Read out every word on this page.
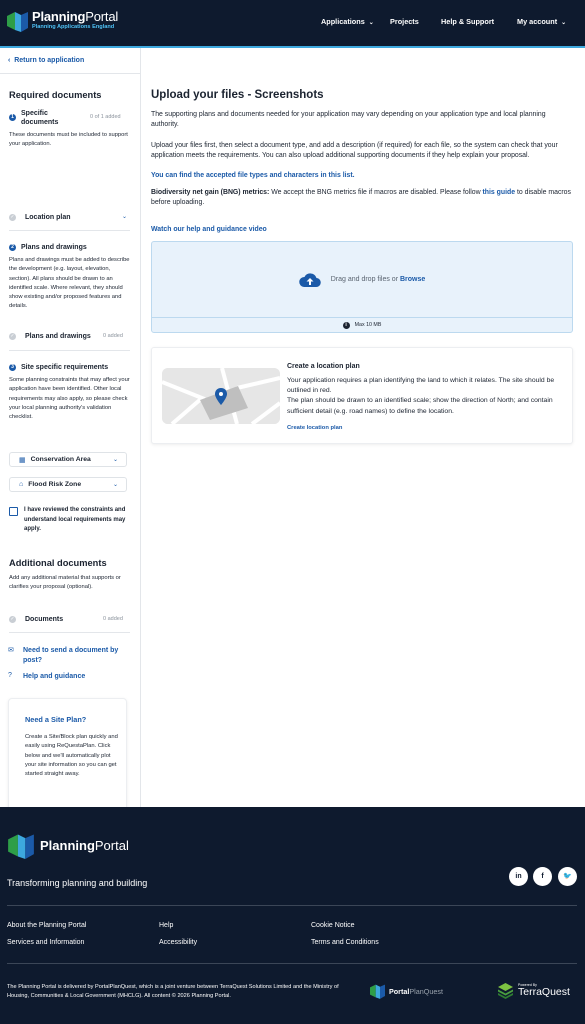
PlanningPortal
Planning Applications England
Applications ⌄ Projects	Help & Support	My account ⌄
‹ Return to application
Required documents
1	Specific documents
0 of 1 added
These documents must be included to support your application.
✓ Location plan	⌄
2	Plans and drawings
Plans and drawings must be added to describe the development (e.g. layout, elevation, section). All plans should be drawn to an identified scale. Where relevant, they should show existing and/or proposed features and details.
✓ Plans and drawings 0 added
3	Site specific requirements
Some planning constraints that may affect your application have been identified. Other local requirements may also apply, so please check your local planning authority's validation checklist.
▦ Conservation Area	⌄
⌂ Flood Risk Zone	⌄
I have reviewed the constraints and understand local requirements may apply.
Additional documents
Add any additional material that supports or clarifies your proposal (optional).
✓ Documents	0 added
✉	Need to send a document by post?
?	Help and guidance
Need a Site Plan?
Create a Site/Block plan quickly and easily using ReQuestaPlan. Click below and we'll automatically plot your site information so you can get started straight away.
Upload your files - Screenshots
The supporting plans and documents needed for your application may vary depending on your application type and local planning authority.
Upload your files first, then select a document type, and add a description (if required) for each file, so the system can check that your application meets the requirements. You can also upload additional supporting documents if they help explain your proposal.
You can find the accepted file types and characters in this list.
Biodiversity net gain (BNG) metrics: We accept the BNG metrics file if macros are disabled. Please follow this guide to disable macros before uploading.
Watch our help and guidance video
Drag and drop files or Browse
i	Max 10 MB
Create a location plan
Your application requires a plan identifying the land to which it relates. The site should be outlined in red.
The plan should be drawn to an identified scale; show the direction of North; and contain sufficient detail (e.g. road names) to define the location.
Create location plan
PlanningPortal
Transforming planning and building
in	f	🐦
About the Planning Portal	Help	Cookie Notice
Services and Information	Accessibility	Terms and Conditions
The Planning Portal is delivered by PortalPlanQuest, which is a joint venture between TerraQuest Solutions Limited and the Ministry of Housing, Communities & Local Government (MHCLG). All content © 2026 Planning Portal.
PortalPlanQuest
Powered By
TerraQuest
